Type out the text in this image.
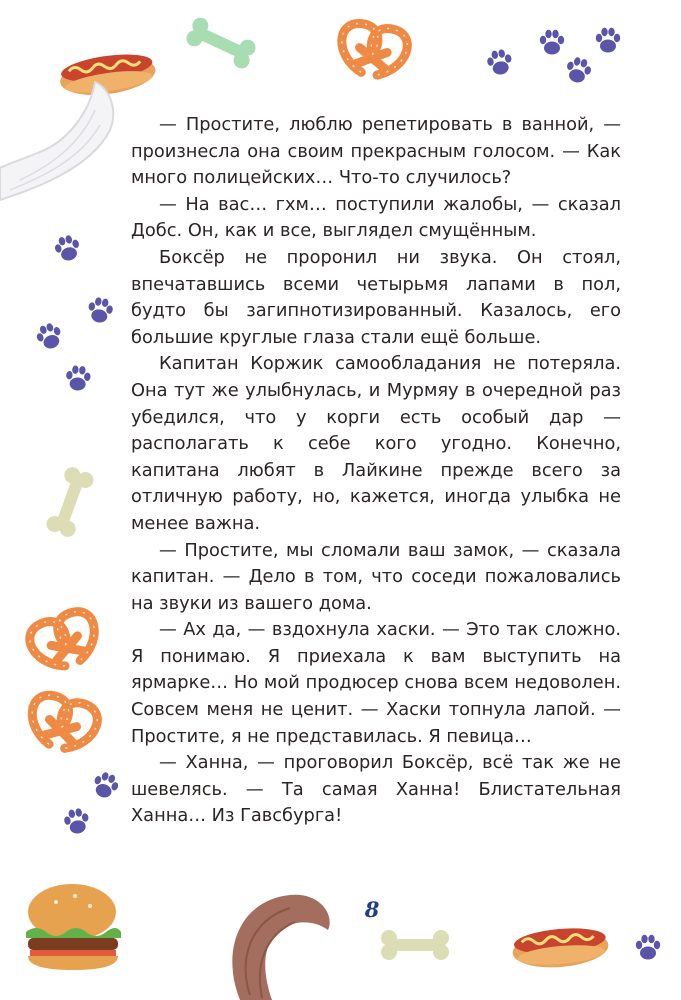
— Простите, люблю репетировать в ванной, — произнесла она своим прекрасным голосом. — Как много полицейских… Что-то случилось?

— На вас… гхм… поступили жалобы, — сказал Добс. Он, как и все, выглядел смущённым.

Боксёр не проронил ни звука. Он стоял, впечатавшись всеми четырьмя лапами в пол, будто бы загипнотизированный. Казалось, его большие круглые глаза стали ещё больше.

Капитан Коржик самообладания не потеряла. Она тут же улыбнулась, и Мурмяу в очередной раз убедился, что у корги есть особый дар — располагать к себе кого угодно. Конечно, капитана любят в Лайкине прежде всего за отличную работу, но, кажется, иногда улыбка не менее важна.

— Простите, мы сломали ваш замок, — сказала капитан. — Дело в том, что соседи пожаловались на звуки из вашего дома.

— Ах да, — вздохнула хаски. — Это так сложно. Я понимаю. Я приехала к вам выступить на ярмарке… Но мой продюсер снова всем недоволен. Совсем меня не ценит. — Хаски топнула лапой. — Простите, я не представилась. Я певица…

— Ханна, — проговорил Боксёр, всё так же не шевелясь. — Та самая Ханна! Блистательная Ханна… Из Гавсбурга!

8
